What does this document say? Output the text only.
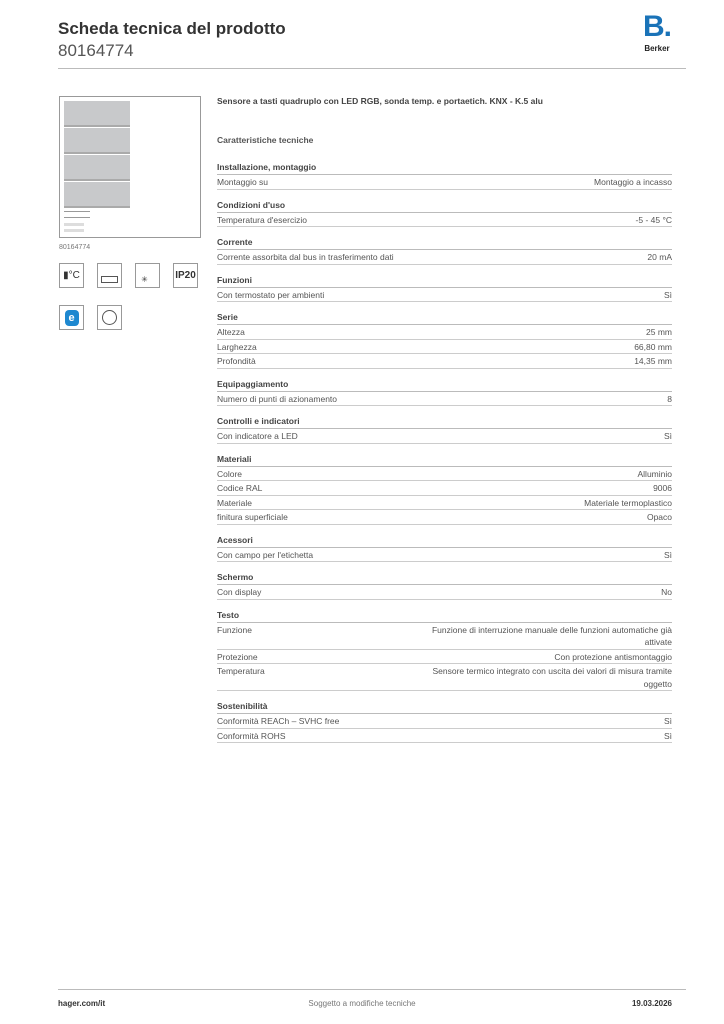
Scheda tecnica del prodotto
80164774
B.
Berker
80164774
▮°C	✳	IP20
e
Sensore a tasti quadruplo con LED RGB, sonda temp. e portaetich. KNX - K.5 alu
Caratteristiche tecniche
Installazione, montaggio
Montaggio su	Montaggio a incasso
Condizioni d'uso
Temperatura d'esercizio	-5 - 45 °C
Corrente
Corrente assorbita dal bus in trasferimento dati	20 mA
Funzioni
Con termostato per ambienti	Sì
Serie
Altezza	25 mm
Larghezza	66,80 mm
Profondità	14,35 mm
Equipaggiamento
Numero di punti di azionamento	8
Controlli e indicatori
Con indicatore a LED	Sì
Materiali
Colore	Alluminio
Codice RAL	9006
Materiale	Materiale termoplastico
finitura superficiale	Opaco
Acessori
Con campo per l'etichetta	Sì
Schermo
Con display	No
Testo
Funzione	Funzione di interruzione manuale delle funzioni automatiche già attivate
Protezione	Con protezione antismontaggio
Temperatura	Sensore termico integrato con uscita dei valori di misura tramite oggetto
Sostenibilità
Conformità REACh – SVHC free	Sì
Conformità ROHS	Sì
hager.com/it	Soggetto a modifiche tecniche	19.03.2026
